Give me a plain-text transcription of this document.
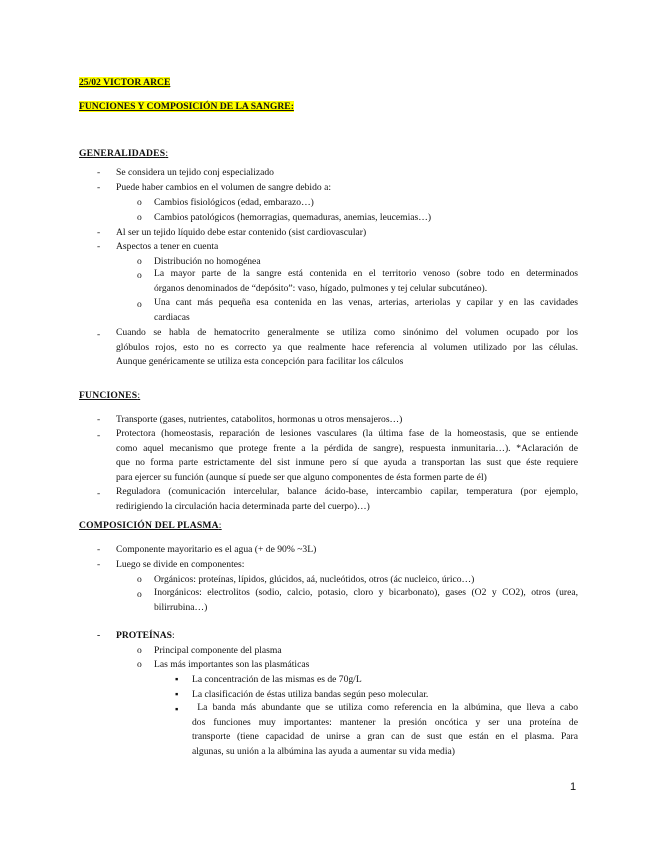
25/02 VICTOR ARCE
FUNCIONES Y COMPOSICIÓN DE LA SANGRE:
GENERALIDADES:
- Se considera un tejido conj especializado
- Puede haber cambios en el volumen de sangre debido a:
o Cambios fisiológicos (edad, embarazo…)
o Cambios patológicos (hemorragias, quemaduras, anemias, leucemias…)
- Al ser un tejido líquido debe estar contenido (sist cardiovascular)
- Aspectos a tener en cuenta
o Distribución no homogénea
o La mayor parte de la sangre está contenida en el territorio venoso (sobre todo en determinados
órganos denominados de “depósito”: vaso, hígado, pulmones y tej celular subcutáneo).
o Una cant más pequeña esa contenida en las venas, arterias, arteriolas y capilar y en las cavidades
cardiacas
- Cuando se habla de hematocrito generalmente se utiliza como sinónimo del volumen ocupado por los
glóbulos rojos, esto no es correcto ya que realmente hace referencia al volumen utilizado por las células.
Aunque genéricamente se utiliza esta concepción para facilitar los cálculos
FUNCIONES:
- Transporte (gases, nutrientes, catabolitos, hormonas u otros mensajeros…)
- Protectora (homeostasis, reparación de lesiones vasculares (la última fase de la homeostasis, que se entiende
como aquel mecanismo que protege frente a la pérdida de sangre), respuesta inmunitaria…). *Aclaración de
que no forma parte estrictamente del sist inmune pero sí que ayuda a transportan las sust que éste requiere
para ejercer su función (aunque sí puede ser que alguno componentes de ésta formen parte de él)
- Reguladora (comunicación intercelular, balance ácido-base, intercambio capilar, temperatura (por ejemplo,
redirigiendo la circulación hacia determinada parte del cuerpo)…)
COMPOSICIÓN DEL PLASMA:
- Componente mayoritario es el agua (+ de 90% ~3L)
- Luego se divide en componentes:
o Orgánicos: proteínas, lípidos, glúcidos, aá, nucleótidos, otros (ác nucleico, úrico…)
o Inorgánicos: electrolitos (sodio, calcio, potasio, cloro y bicarbonato), gases (O2 y CO2), otros (urea,
bilirrubina…)
- PROTEÍNAS:
o Principal componente del plasma
o Las más importantes son las plasmáticas
▪ La concentración de las mismas es de 70g/L
▪ La clasificación de éstas utiliza bandas según peso molecular.
▪ La banda más abundante que se utiliza como referencia en la albúmina, que lleva a cabo
dos funciones muy importantes: mantener la presión oncótica y ser una proteína de
transporte (tiene capacidad de unirse a gran can de sust que están en el plasma. Para
algunas, su unión a la albúmina las ayuda a aumentar su vida media)
1
